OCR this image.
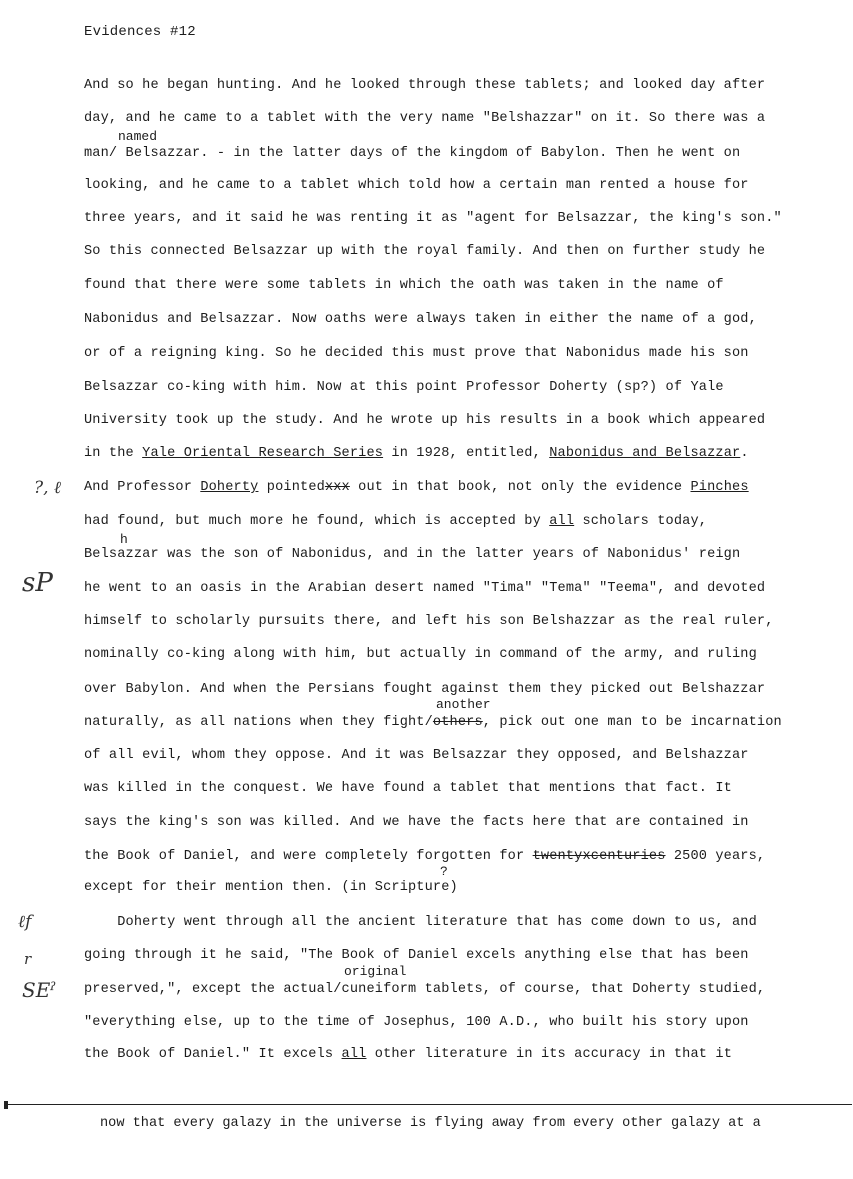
Evidences #12
And so he began hunting. And he looked through these tablets; and looked day after
day, and he came to a tablet with the very name "Belshazzar" on it. So there was a
named
man/ Belsazzar. - in the latter days of the kingdom of Babylon. Then he went on
looking, and he came to a tablet which told how a certain man rented a house for
three years, and it said he was renting it as "agent for Belsazzar, the king's son."
So this connected Belsazzar up with the royal family. And then on further study he
found that there were some tablets in which the oath was taken in the name of
Nabonidus and Belsazzar. Now oaths were always taken in either the name of a god,
or of a reigning king. So he decided this must prove that Nabonidus made his son
Belsazzar co-king with him. Now at this point Professor Doherty (sp?) of Yale
University took up the study. And he wrote up his results in a book which appeared
in the Yale Oriental Research Series in 1928, entitled, Nabonidus and Belsazzar.
And Professor Doherty pointedxxx out in that book, not only the evidence Pinches
had found, but much more he found, which is accepted by all scholars today,
h
Belsazzar was the son of Nabonidus, and in the latter years of Nabonidus' reign
he went to an oasis in the Arabian desert named "Tima" "Tema" "Teema", and devoted
himself to scholarly pursuits there, and left his son Belshazzar as the real ruler,
nominally co-king along with him, but actually in command of the army, and ruling
over Babylon. And when the Persians fought against them they picked out Belshazzar
another
naturally, as all nations when they fight/others, pick out one man to be incarnation
of all evil, whom they oppose. And it was Belsazzar they opposed, and Belshazzar
was killed in the conquest. We have found a tablet that mentions that fact. It
says the king's son was killed. And we have the facts here that are contained in
the Book of Daniel, and were completely forgotten for twentyxcenturies 2500 years,
?
except for their mention then. (in Scripture)
Doherty went through all the ancient literature that has come down to us, and
going through it he said, "The Book of Daniel excels anything else that has been
original
preserved,", except the actual/cuneiform tablets, of course, that Doherty studied,
"everything else, up to the time of Josephus, 100 A.D., who built his story upon
the Book of Daniel." It excels all other literature in its accuracy in that it
?, ℓ
sP
ℓf
r
SEˀ
now that every galazy in the universe is flying away from every other galazy at a
